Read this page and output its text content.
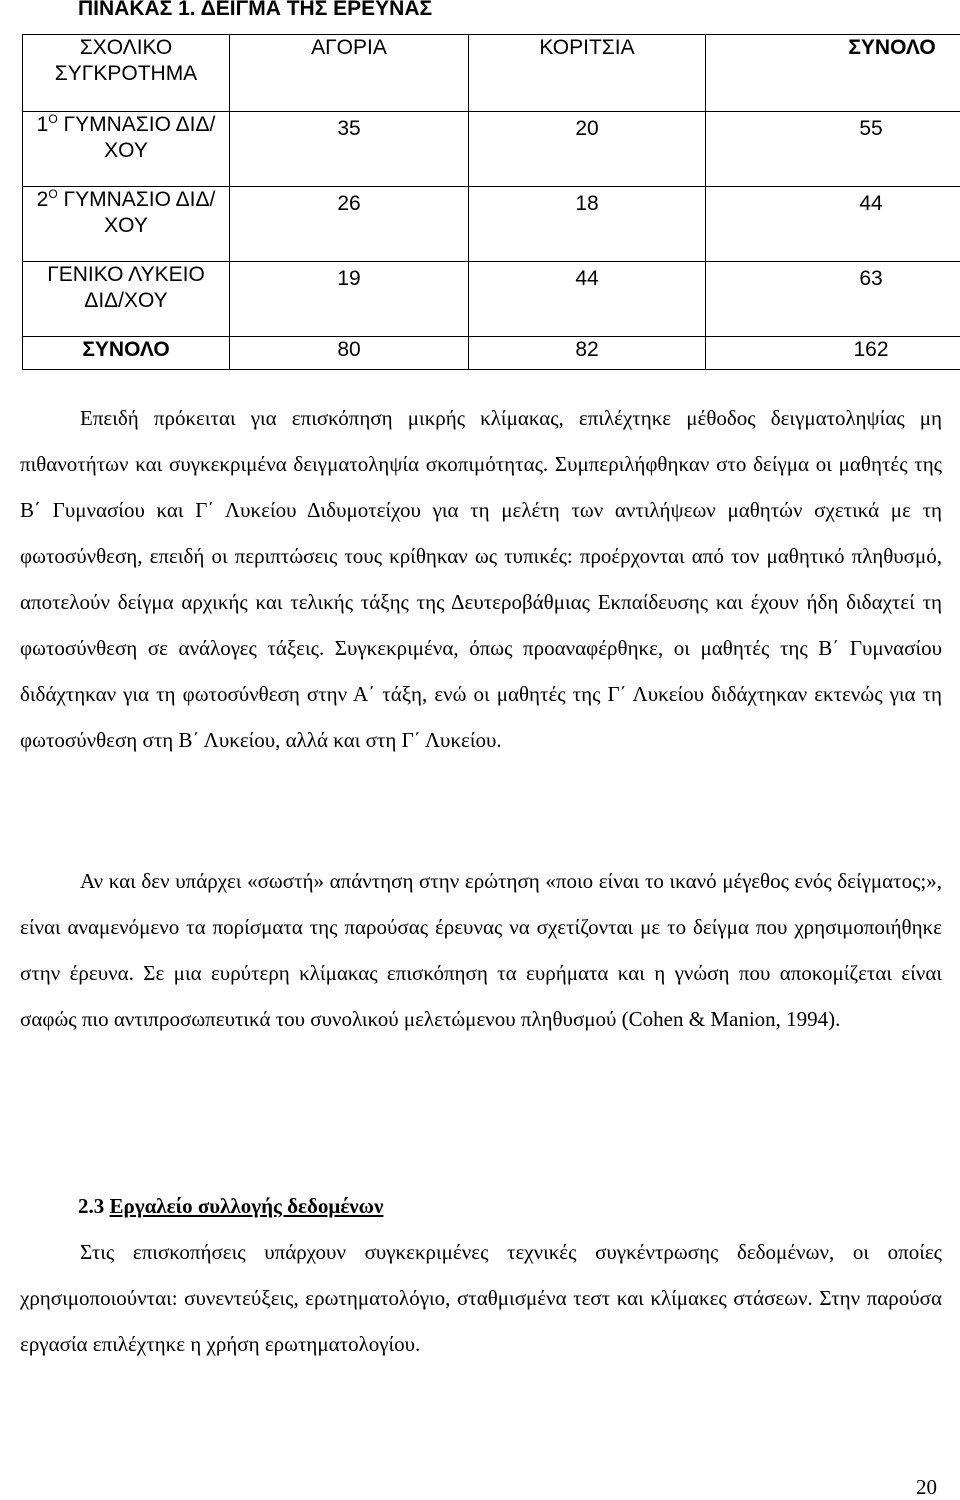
ΠΙΝΑΚΑΣ 1. ΔΕΙΓΜΑ ΤΗΣ ΕΡΕΥΝΑΣ
ΣΧΟΛΙΚΟ ΣΥΓΚΡΟΤΗΜΑ	ΑΓΟΡΙΑ	ΚΟΡΙΤΣΙΑ	ΣΥΝΟΛΟ
$1^O$ ΓΥΜΝΑΣΙΟ ΔΙΔ/ΧΟΥ	35	20	55
$2^O$ ΓΥΜΝΑΣΙΟ ΔΙΔ/ΧΟΥ	26	18	44
ΓΕΝΙΚΟ ΛΥΚΕΙΟ ΔΙΔ/ΧΟΥ	19	44	63
ΣΥΝΟΛΟ	80	82	162
Επειδή πρόκειται για επισκόπηση μικρής κλίμακας, επιλέχτηκε μέθοδος δειγματοληψίας μη πιθανοτήτων και συγκεκριμένα δειγματοληψία σκοπιμότητας. Συμπεριλήφθηκαν στο δείγμα οι μαθητές της Β΄ Γυμνασίου και Γ΄ Λυκείου Διδυμοτείχου για τη μελέτη των αντιλήψεων μαθητών σχετικά με τη φωτοσύνθεση, επειδή οι περιπτώσεις τους κρίθηκαν ως τυπικές: προέρχονται από τον μαθητικό πληθυσμό, αποτελούν δείγμα αρχικής και τελικής τάξης της Δευτεροβάθμιας Εκπαίδευσης και έχουν ήδη διδαχτεί τη φωτοσύνθεση σε ανάλογες τάξεις. Συγκεκριμένα, όπως προαναφέρθηκε, οι μαθητές της Β΄ Γυμνασίου διδάχτηκαν για τη φωτοσύνθεση στην Α΄ τάξη, ενώ οι μαθητές της Γ΄ Λυκείου διδάχτηκαν εκτενώς για τη φωτοσύνθεση στη Β΄ Λυκείου, αλλά και στη Γ΄ Λυκείου.
Αν και δεν υπάρχει «σωστή» απάντηση στην ερώτηση «ποιο είναι το ικανό μέγεθος ενός δείγματος;», είναι αναμενόμενο τα πορίσματα της παρούσας έρευνας να σχετίζονται με το δείγμα που χρησιμοποιήθηκε στην έρευνα. Σε μια ευρύτερη κλίμακας επισκόπηση τα ευρήματα και η γνώση που αποκομίζεται είναι σαφώς πιο αντιπροσωπευτικά του συνολικού μελετώμενου πληθυσμού (Cohen & Manion, 1994).
2.3 Εργαλείο συλλογής δεδομένων
Στις επισκοπήσεις υπάρχουν συγκεκριμένες τεχνικές συγκέντρωσης δεδομένων, οι οποίες χρησιμοποιούνται: συνεντεύξεις, ερωτηματολόγιο, σταθμισμένα τεστ και κλίμακες στάσεων. Στην παρούσα εργασία επιλέχτηκε η χρήση ερωτηματολογίου.
20
